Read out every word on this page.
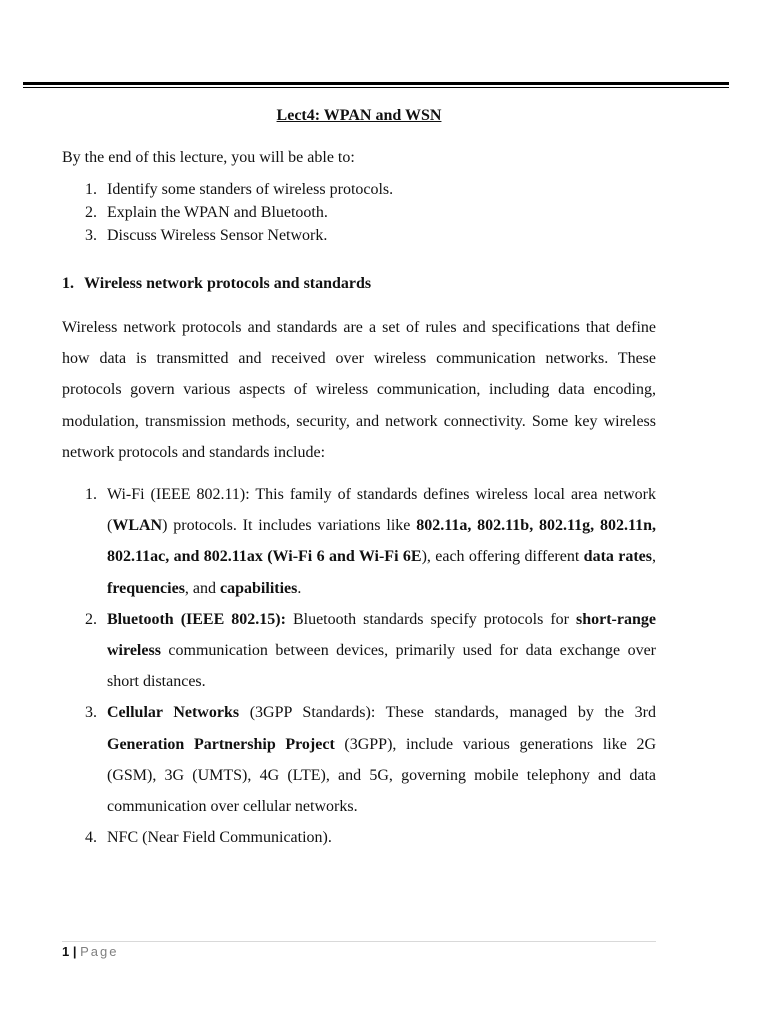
Lect4: WPAN and WSN

By the end of this lecture, you will be able to:

1. Identify some standers of wireless protocols.
2. Explain the WPAN and Bluetooth.
3. Discuss Wireless Sensor Network.
1. Wireless network protocols and standards

Wireless network protocols and standards are a set of rules and specifications that define how data is transmitted and received over wireless communication networks. These protocols govern various aspects of wireless communication, including data encoding, modulation, transmission methods, security, and network connectivity. Some key wireless network protocols and standards include:

1. Wi-Fi (IEEE 802.11): This family of standards defines wireless local area network (WLAN) protocols. It includes variations like 802.11a, 802.11b, 802.11g, 802.11n, 802.11ac, and 802.11ax (Wi-Fi 6 and Wi-Fi 6E), each offering different data rates, frequencies, and capabilities.
2. Bluetooth (IEEE 802.15): Bluetooth standards specify protocols for short-range wireless communication between devices, primarily used for data exchange over short distances.
3. Cellular Networks (3GPP Standards): These standards, managed by the 3rd Generation Partnership Project (3GPP), include various generations like 2G (GSM), 3G (UMTS), 4G (LTE), and 5G, governing mobile telephony and data communication over cellular networks.
4. NFC (Near Field Communication).
1 | Page
